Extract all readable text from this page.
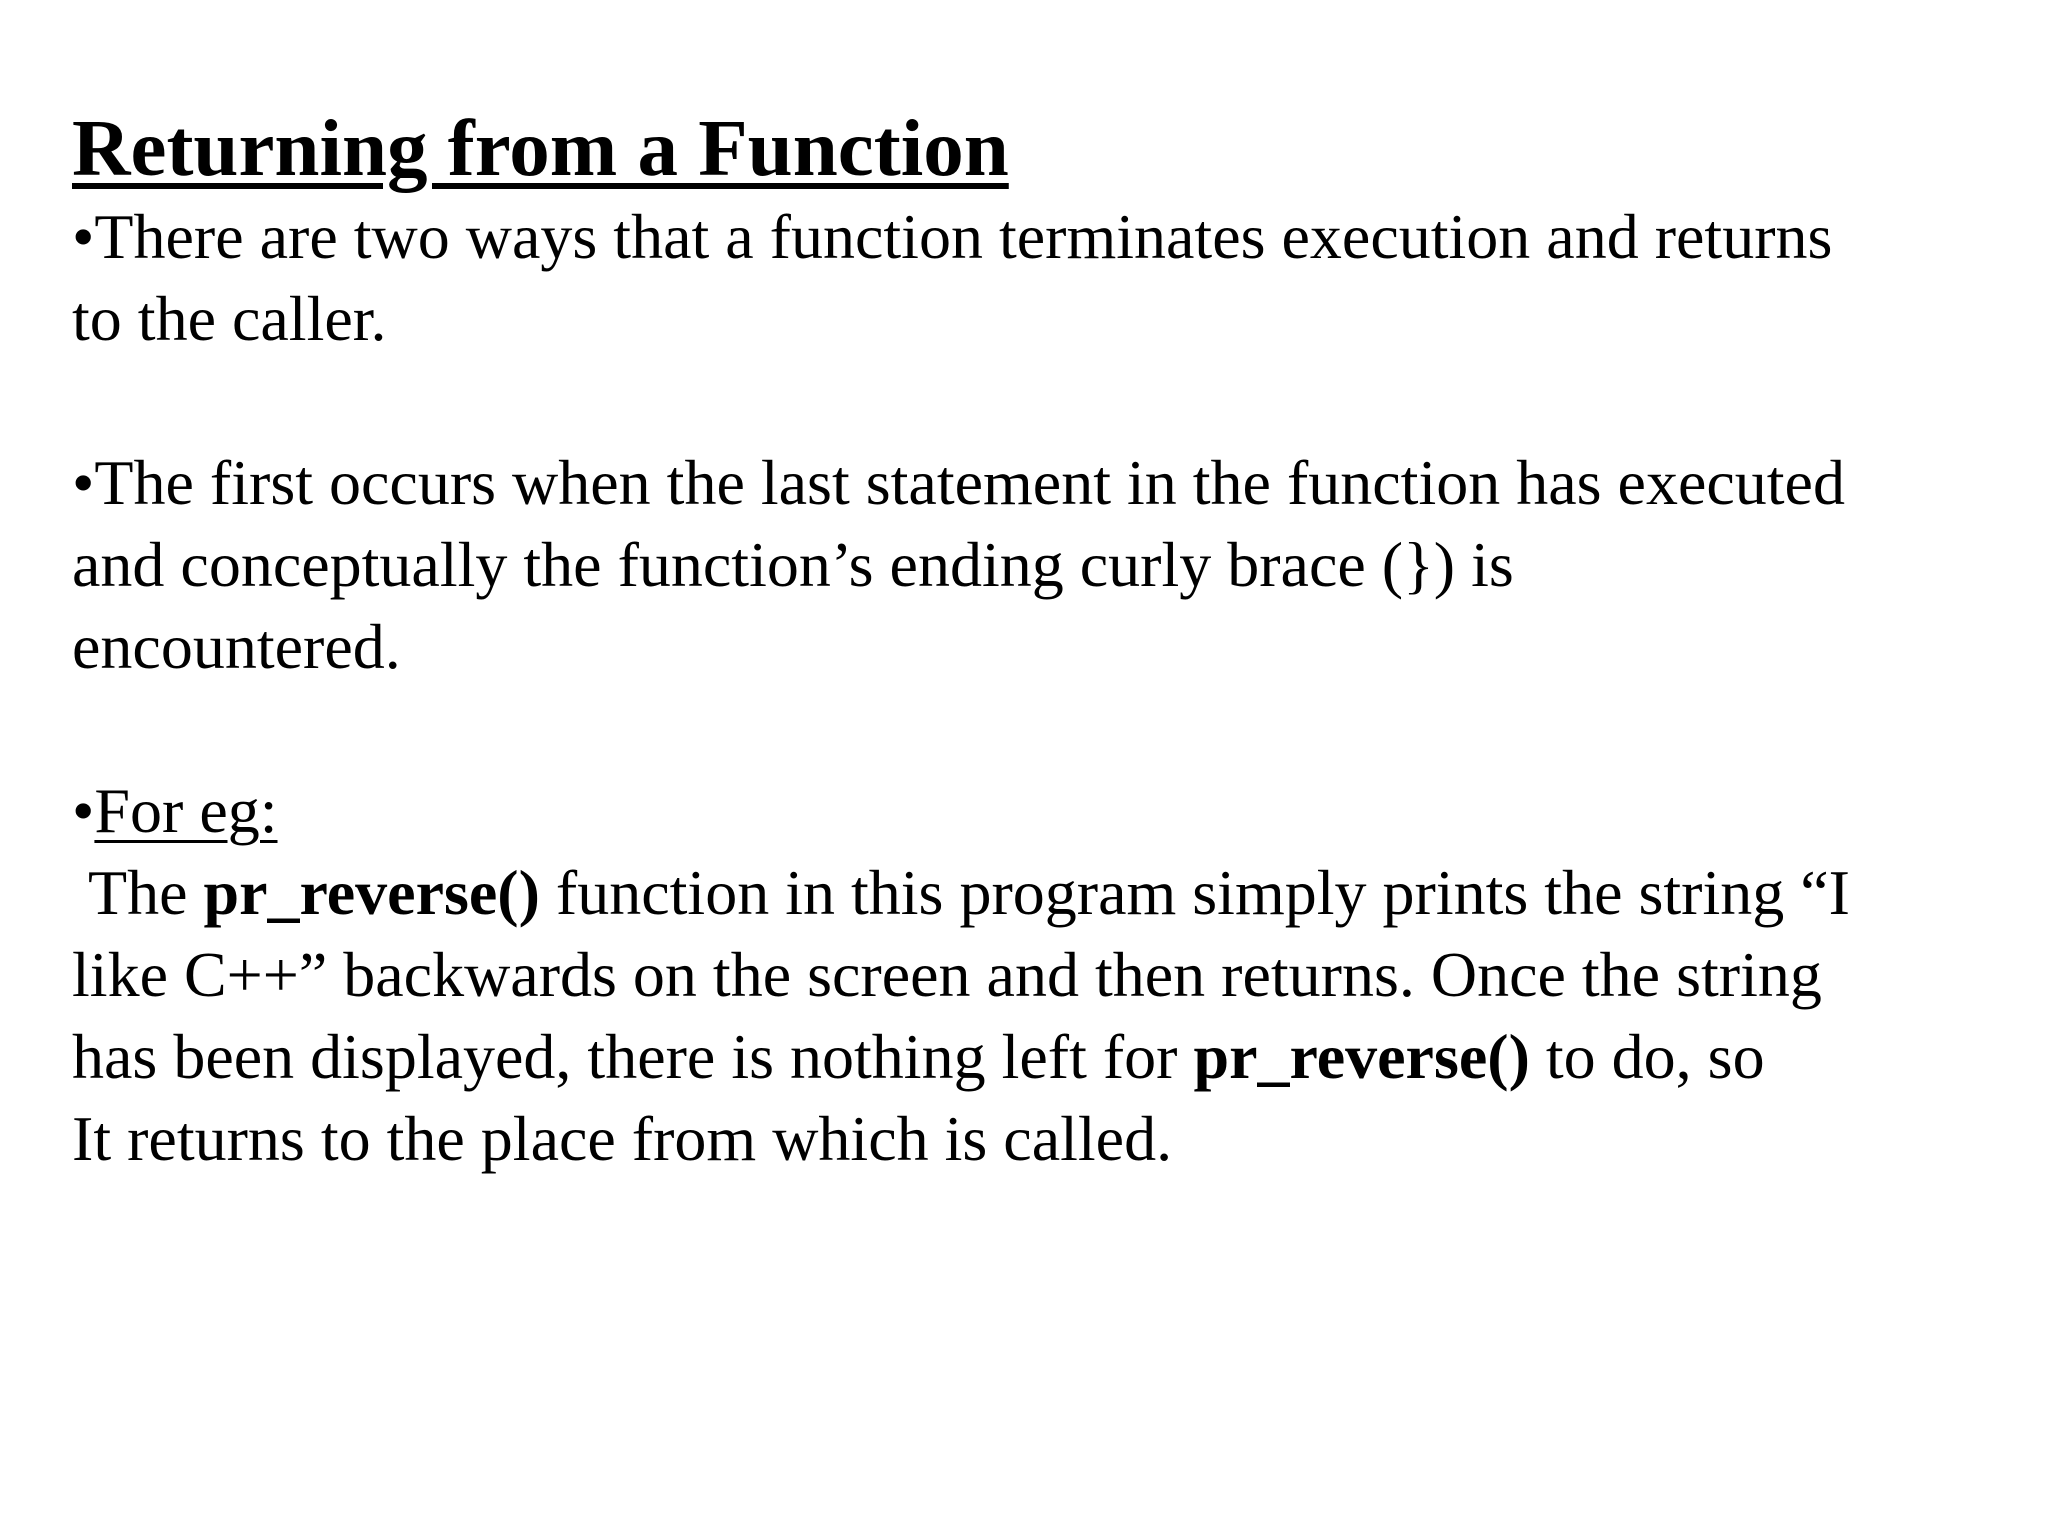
Returning from a Function

•There are two ways that a function terminates execution and returns
to the caller.

•The first occurs when the last statement in the function has executed
and conceptually the function’s ending curly brace (}) is
encountered.

•For eg:

The pr_reverse() function in this program simply prints the string “I
like C++” backwards on the screen and then returns. Once the string
has been displayed, there is nothing left for pr_reverse() to do, so
It returns to the place from which is called.
